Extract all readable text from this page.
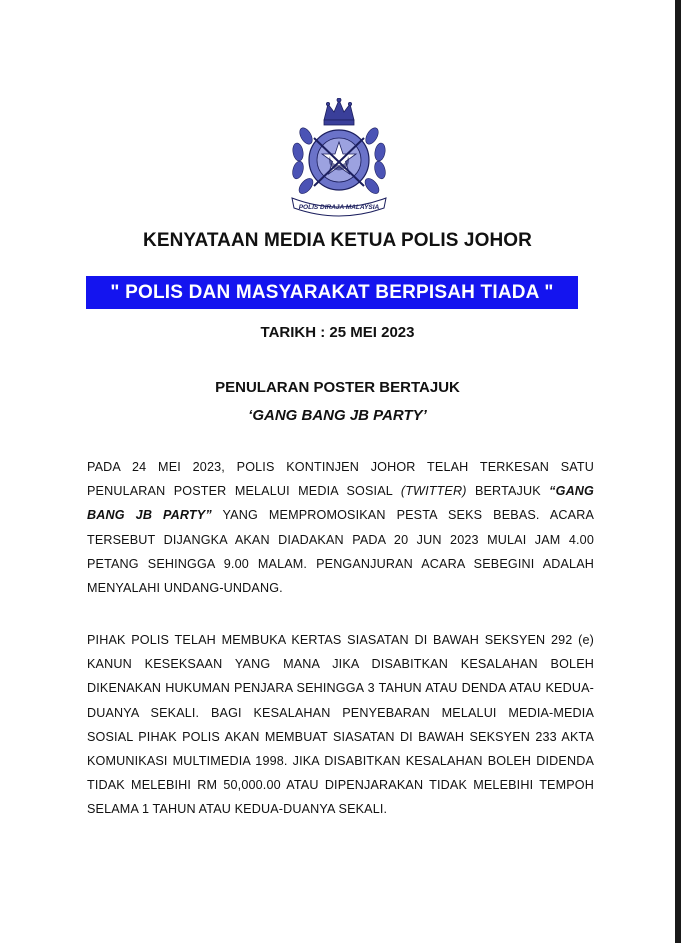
POLIS DIRAJA MALAYSIA
KENYATAAN MEDIA KETUA POLIS JOHOR
" POLIS DAN MASYARAKAT BERPISAH TIADA "
TARIKH : 25 MEI 2023
PENULARAN POSTER BERTAJUK
‘GANG BANG JB PARTY’

PADA 24 MEI 2023, POLIS KONTINJEN JOHOR TELAH TERKESAN SATU PENULARAN POSTER MELALUI MEDIA SOSIAL (TWITTER) BERTAJUK “GANG BANG JB PARTY” YANG MEMPROMOSIKAN PESTA SEKS BEBAS. ACARA TERSEBUT DIJANGKA AKAN DIADAKAN PADA 20 JUN 2023 MULAI JAM 4.00 PETANG SEHINGGA 9.00 MALAM. PENGANJURAN ACARA SEBEGINI ADALAH MENYALAHI UNDANG-UNDANG.

PIHAK POLIS TELAH MEMBUKA KERTAS SIASATAN DI BAWAH SEKSYEN 292 (e) KANUN KESEKSAAN YANG MANA JIKA DISABITKAN KESALAHAN BOLEH DIKENAKAN HUKUMAN PENJARA SEHINGGA 3 TAHUN ATAU DENDA ATAU KEDUA-DUANYA SEKALI. BAGI KESALAHAN PENYEBARAN MELALUI MEDIA-MEDIA SOSIAL PIHAK POLIS AKAN MEMBUAT SIASATAN DI BAWAH SEKSYEN 233 AKTA KOMUNIKASI MULTIMEDIA 1998. JIKA DISABITKAN KESALAHAN BOLEH DIDENDA TIDAK MELEBIHI RM 50,000.00 ATAU DIPENJARAKAN TIDAK MELEBIHI TEMPOH SELAMA 1 TAHUN ATAU KEDUA-DUANYA SEKALI.
